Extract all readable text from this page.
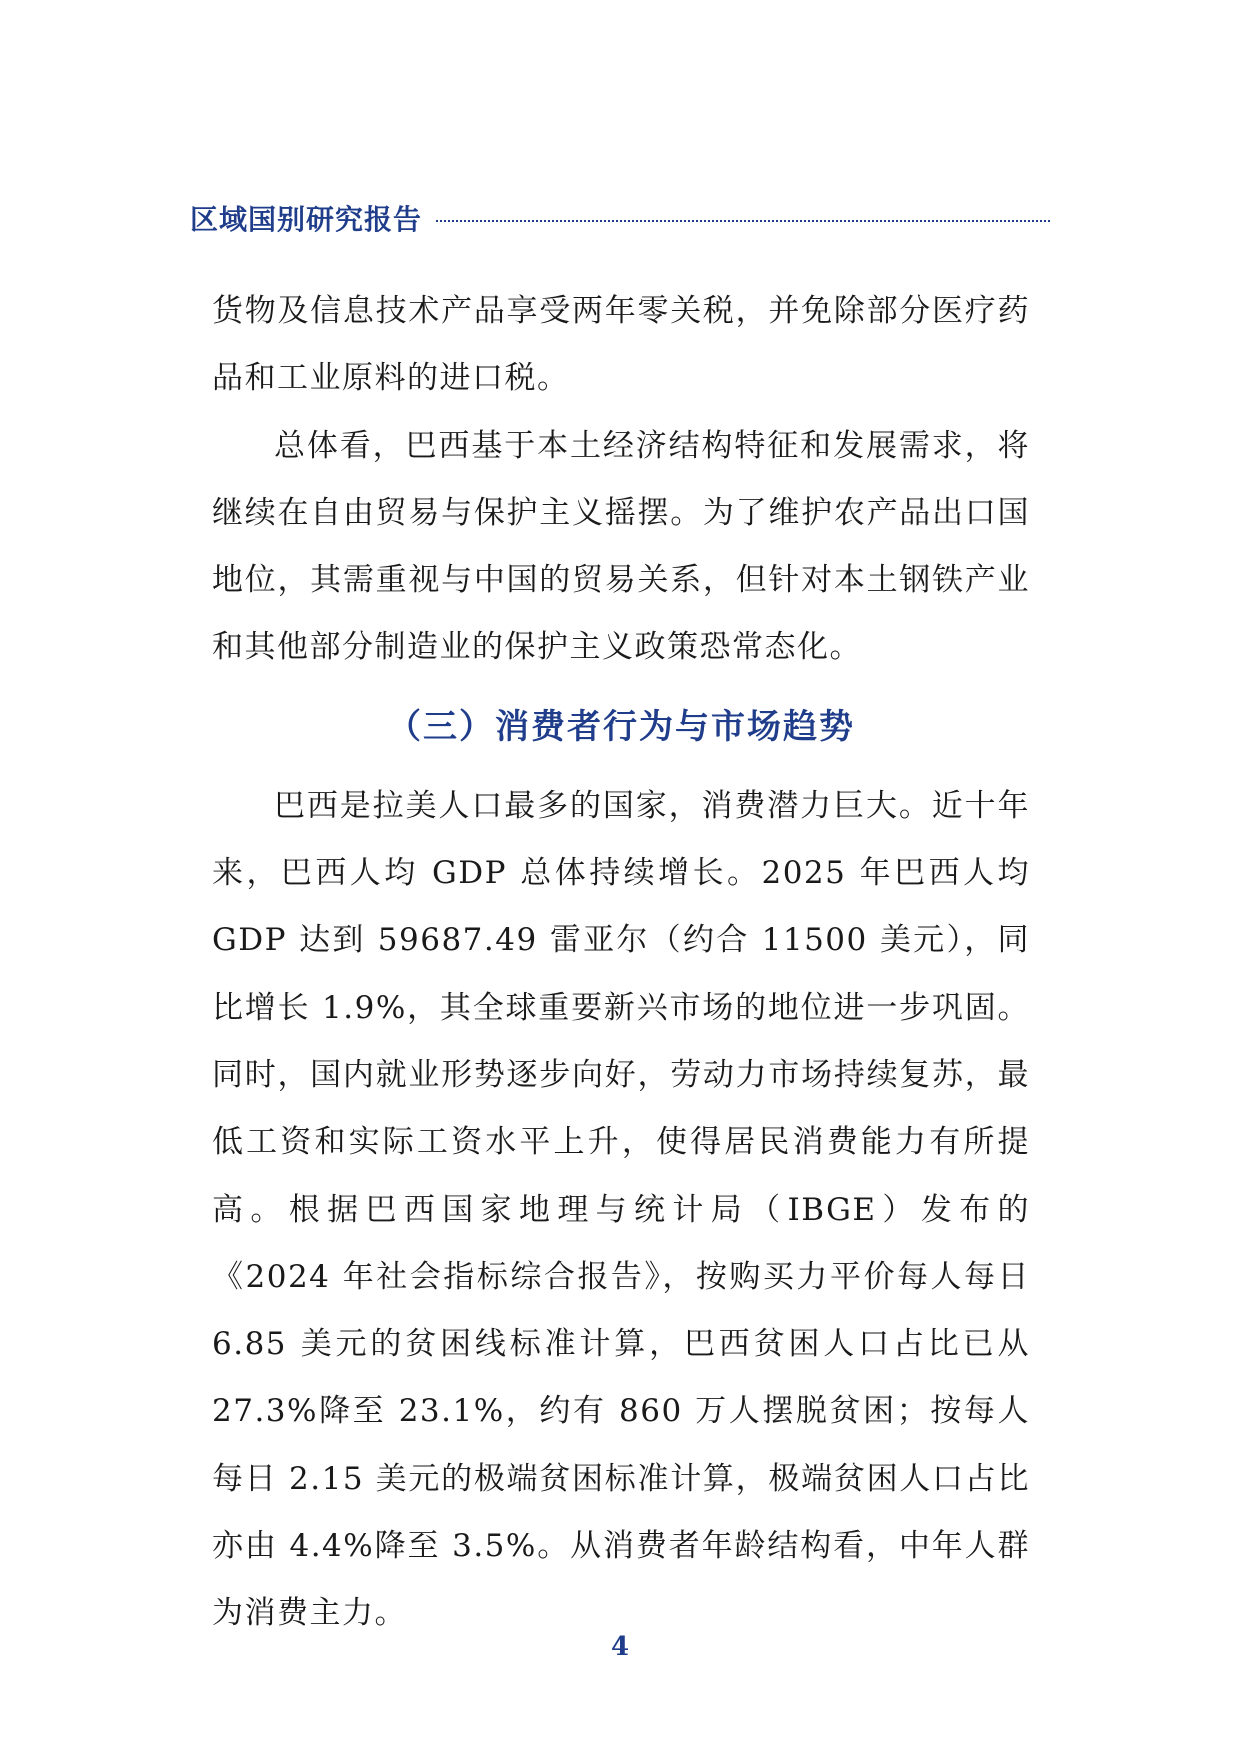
区域国别研究报告

货物及信息技术产品享受两年零关税，并免除部分医疗药品和工业原料的进口税。

总体看，巴西基于本土经济结构特征和发展需求，将继续在自由贸易与保护主义摇摆。为了维护农产品出口国地位，其需重视与中国的贸易关系，但针对本土钢铁产业和其他部分制造业的保护主义政策恐常态化。

（三）消费者行为与市场趋势

巴西是拉美人口最多的国家，消费潜力巨大。近十年来，巴西人均 GDP 总体持续增长。2025 年巴西人均 GDP 达到 59687.49 雷亚尔（约合 11500 美元），同比增长 1.9%，其全球重要新兴市场的地位进一步巩固。同时，国内就业形势逐步向好，劳动力市场持续复苏，最低工资和实际工资水平上升，使得居民消费能力有所提高。根据巴西国家地理与统计局（IBGE）发布的《2024 年社会指标综合报告》，按购买力平价每人每日 6.85 美元的贫困线标准计算，巴西贫困人口占比已从 27.3%降至 23.1%，约有 860 万人摆脱贫困；按每人每日 2.15 美元的极端贫困标准计算，极端贫困人口占比亦由 4.4%降至 3.5%。从消费者年龄结构看，中年人群为消费主力。

4
